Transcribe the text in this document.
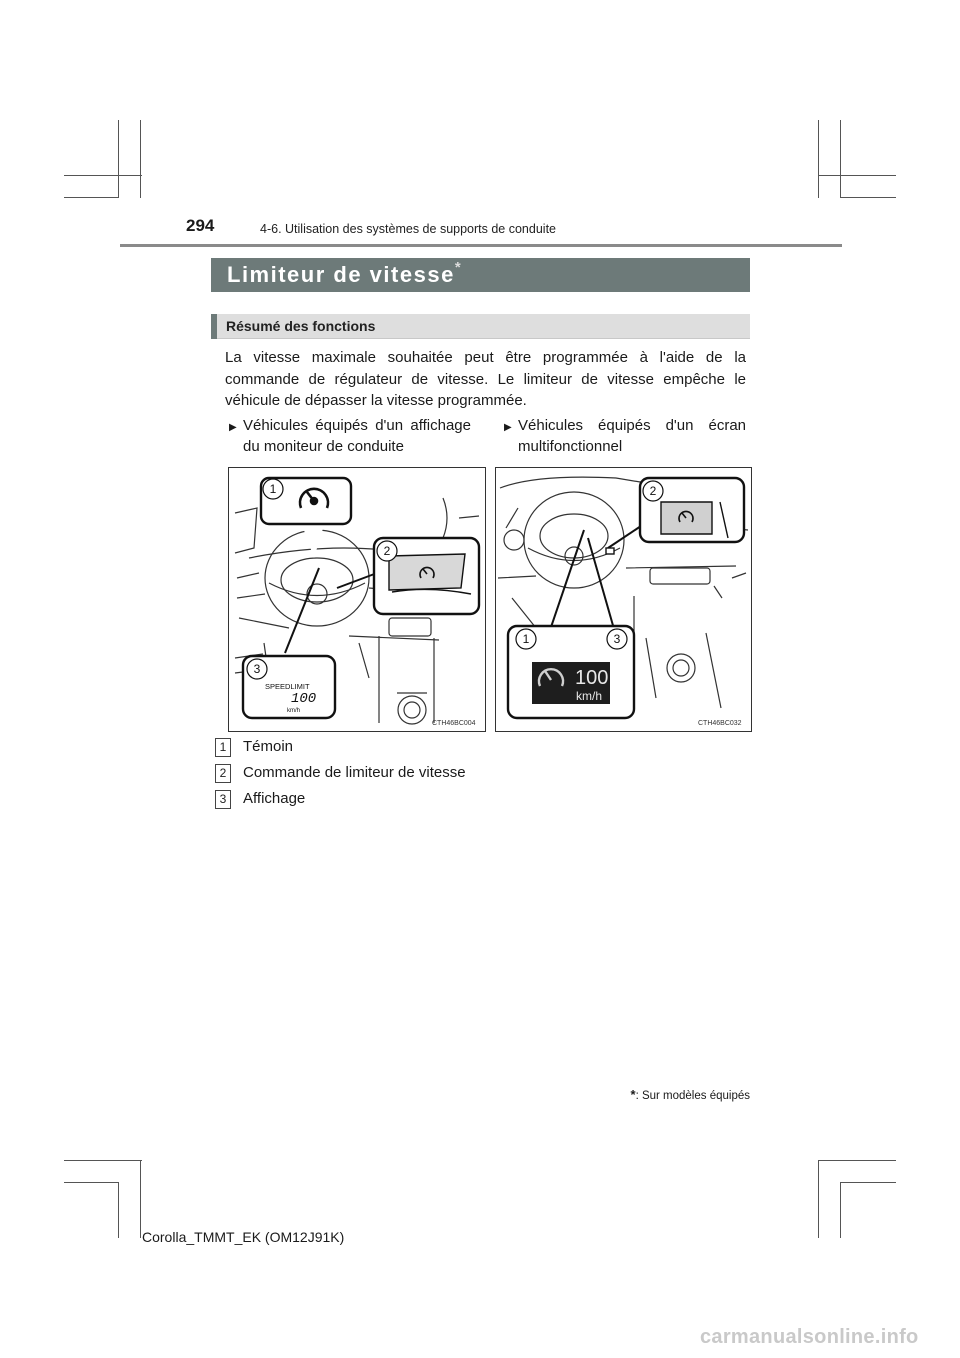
294	4-6. Utilisation des systèmes de supports de conduite
Limiteur de vitesse*
Résumé des fonctions
La vitesse maximale souhaitée peut être programmée à l'aide de la commande de régulateur de vitesse. Le limiteur de vitesse empêche le véhicule de dépasser la vitesse programmée.
▶ Véhicules équipés d'un affichage du moniteur de conduite
▶ Véhicules équipés d'un écran multifonctionnel
1
2
3
SPEEDLIMIT
100
km/h
CTH46BC004
100
km/h
2
1	3
CTH46BC032
1	Témoin
2	Commande de limiteur de vitesse
3	Affichage
*: Sur modèles équipés
Corolla_TMMT_EK (OM12J91K)
carmanualsonline.info
